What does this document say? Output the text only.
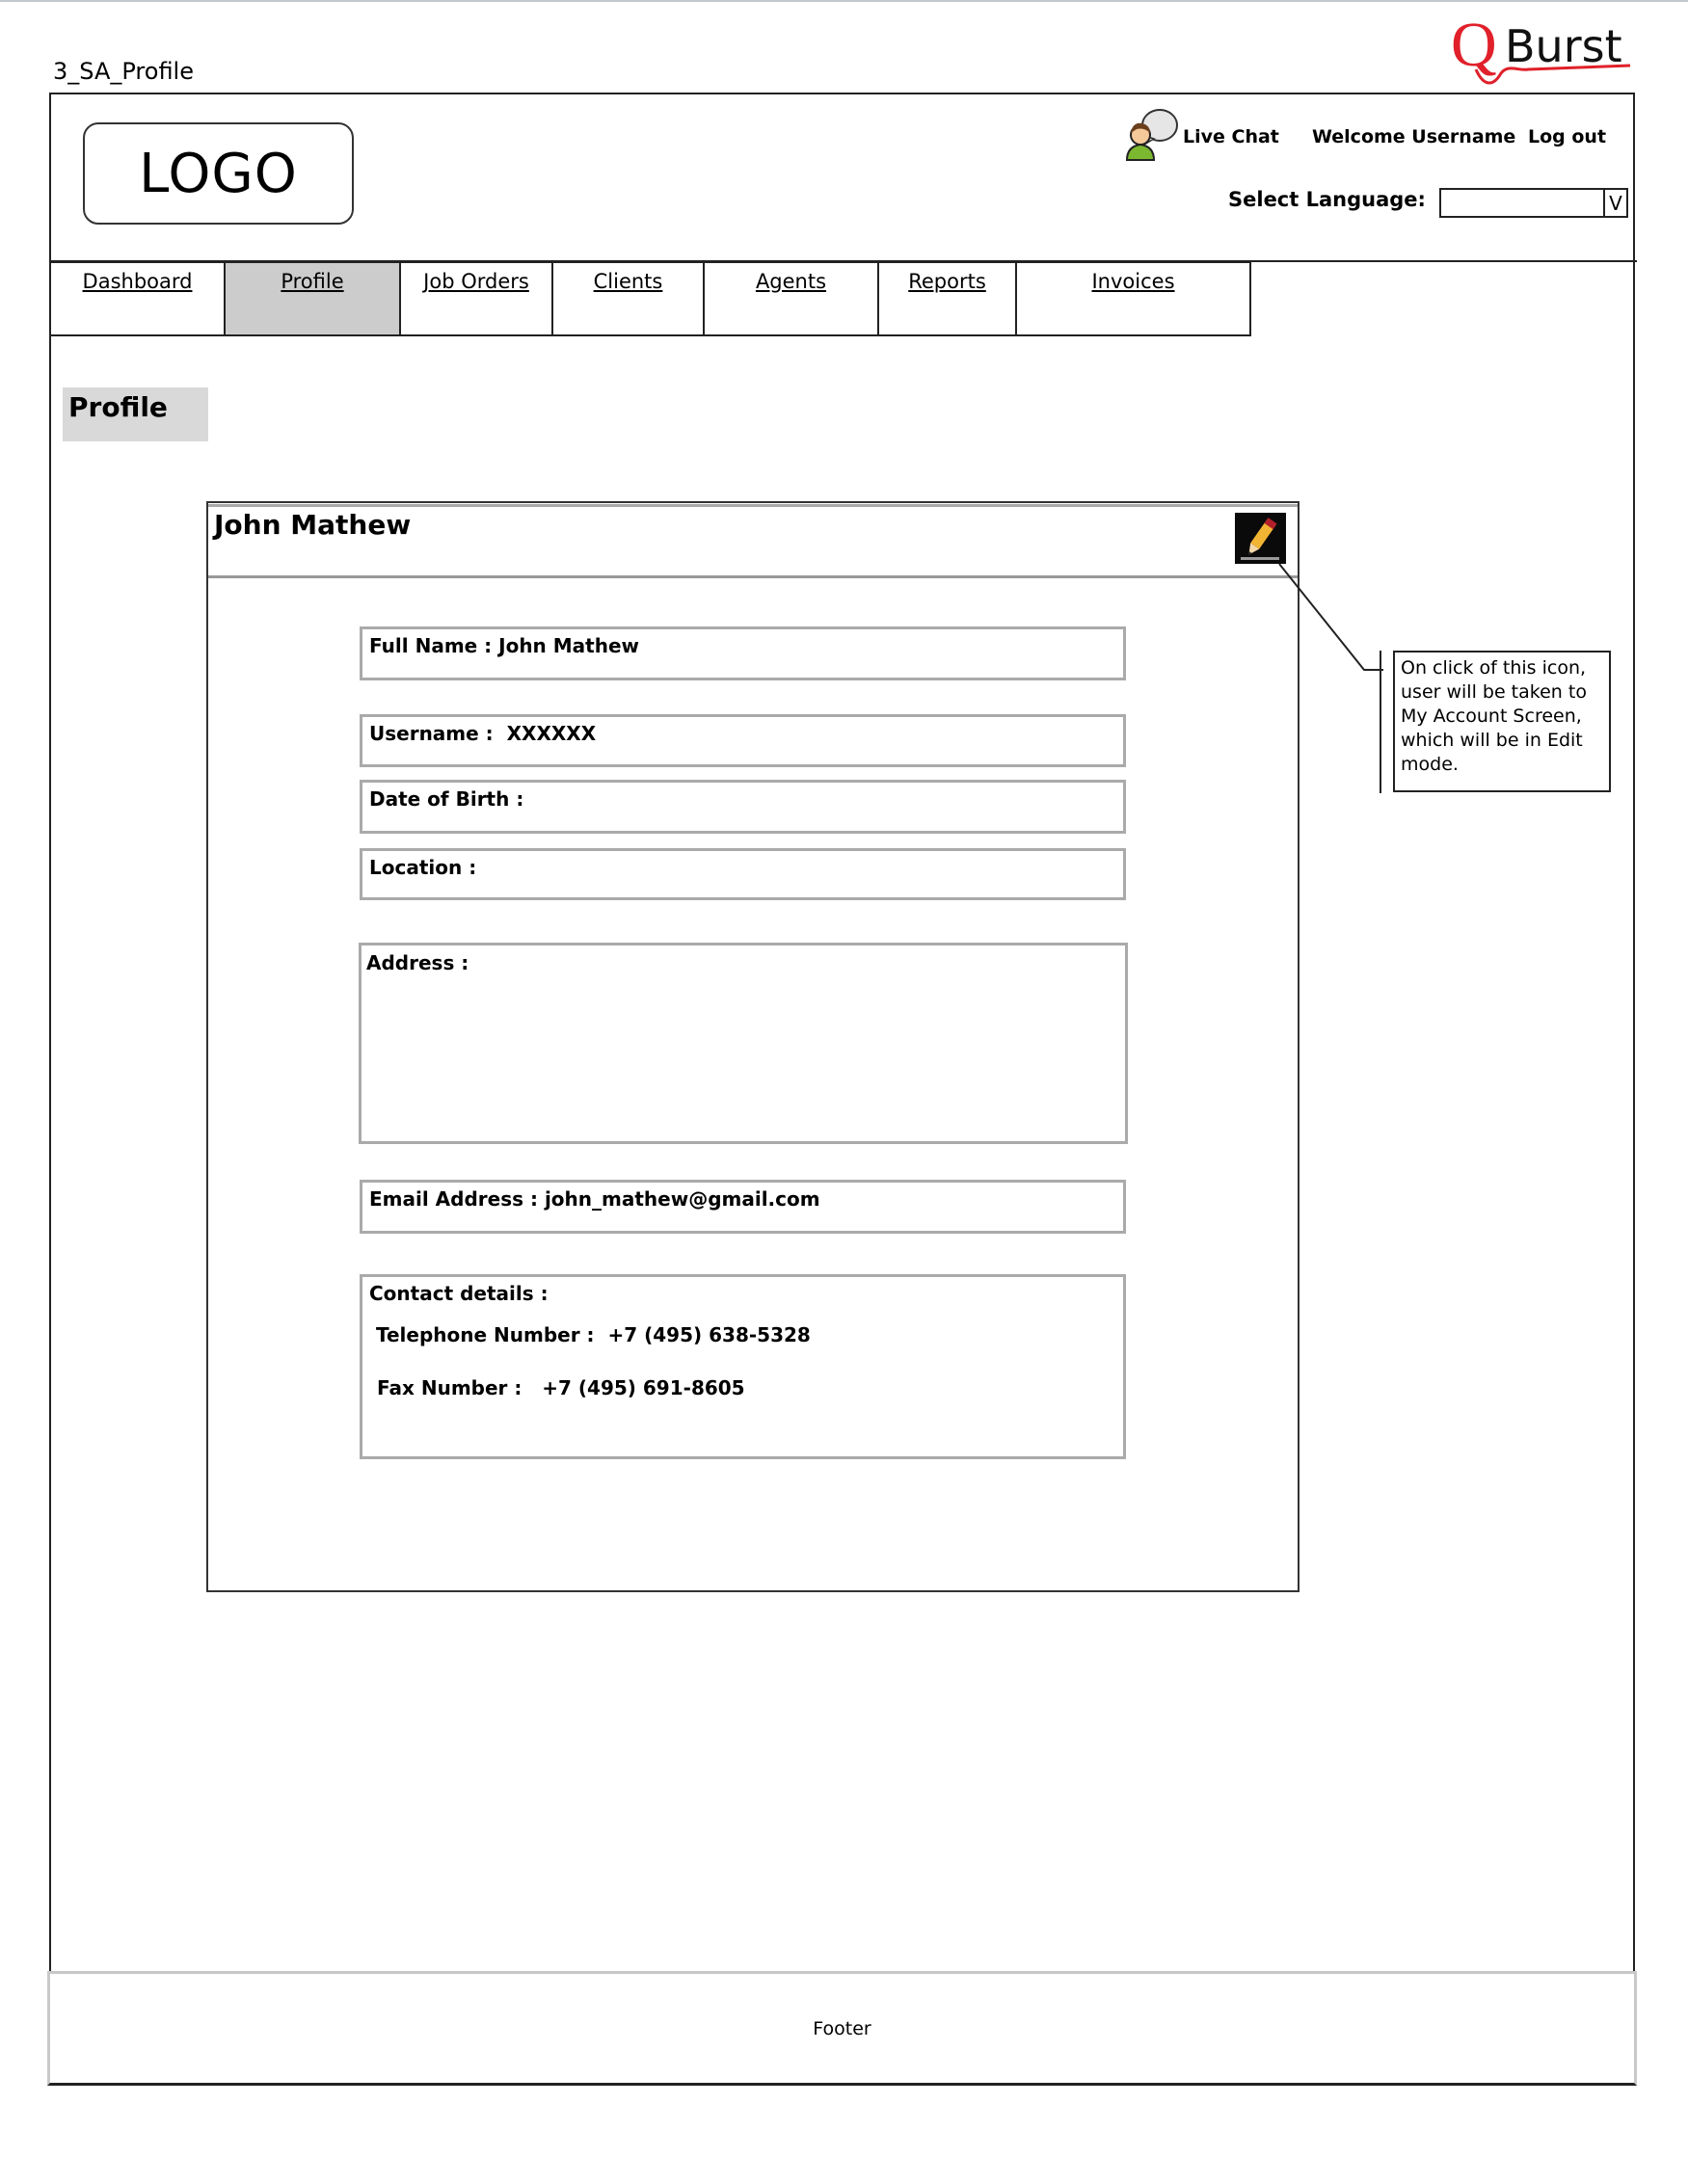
3_SA_Profile	Q Burst
LOGO
Live Chat Welcome Username Log out
Select Language:	V
Dashboard	Profile	Job Orders	Clients	Agents	Reports	Invoices
Profile
John Mathew
Full Name : John Mathew
Username :  XXXXXX
Date of Birth :
Location :
Address :
Email Address : john_mathew@gmail.com
Contact details :
Telephone Number :  +7 (495) 638-5328
Fax Number :   +7 (495) 691-8605
On click of this icon, user will be taken to My Account Screen, which will be in Edit mode.
Footer
